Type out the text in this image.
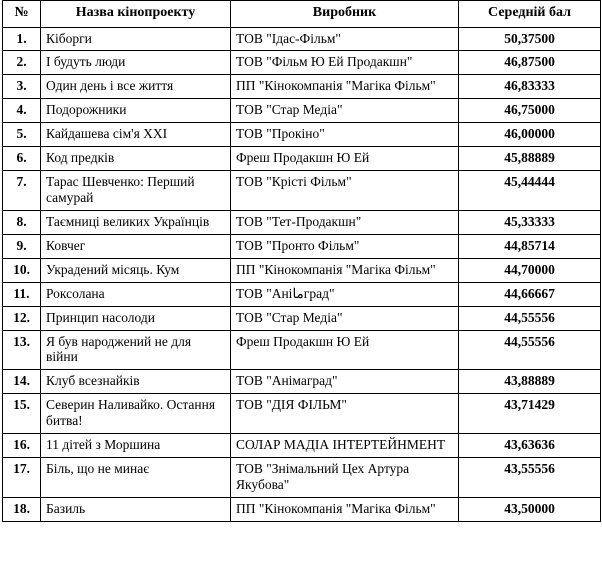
№	Назва кінопроекту	Виробник	Середній бал
1.	Кіборги	ТОВ "Ідас-Фільм"	50,37500
2.	І будуть люди	ТОВ "Фільм Ю Ей Продакшн"	46,87500
3.	Один день і все життя	ПП "Кінокомпанія "Магіка Фільм"	46,83333
4.	Подорожники	ТОВ "Стар Медіа"	46,75000
5.	Кайдашева сім'я XXI	ТОВ "Прокіно"	46,00000
6.	Код предків	Фреш Продакшн Ю Ей	45,88889
7.	Тарас Шевченко: Перший самурай	ТОВ "Крісті Фільм"	45,44444
8.	Таємниці великих Українців	ТОВ "Тет-Продакшн"	45,33333
9.	Ковчег	ТОВ "Пронто Фільм"	44,85714
10.	Украдений місяць. Кум	ПП "Кінокомпанія "Магіка Фільм"	44,70000
11.	Роксолана	ТОВ "Аніماград"	44,66667
12.	Принцип насолоди	ТОВ "Стар Медіа"	44,55556
13.	Я був народжений не для війни	Фреш Продакшн Ю Ей	44,55556
14.	Клуб всезнайків	ТОВ "Анімаград"	43,88889
15.	Северин Наливайко. Остання битва!	ТОВ "ДІЯ ФІЛЬМ"	43,71429
16.	11 дітей з Моршина	СОЛАР МАДІА ІНТЕРТЕЙНМЕНТ	43,63636
17.	Біль, що не минає	ТОВ "Знімальний Цех Артура Якубова"	43,55556
18.	Базиль	ПП "Кінокомпанія "Магіка Фільм"	43,50000
